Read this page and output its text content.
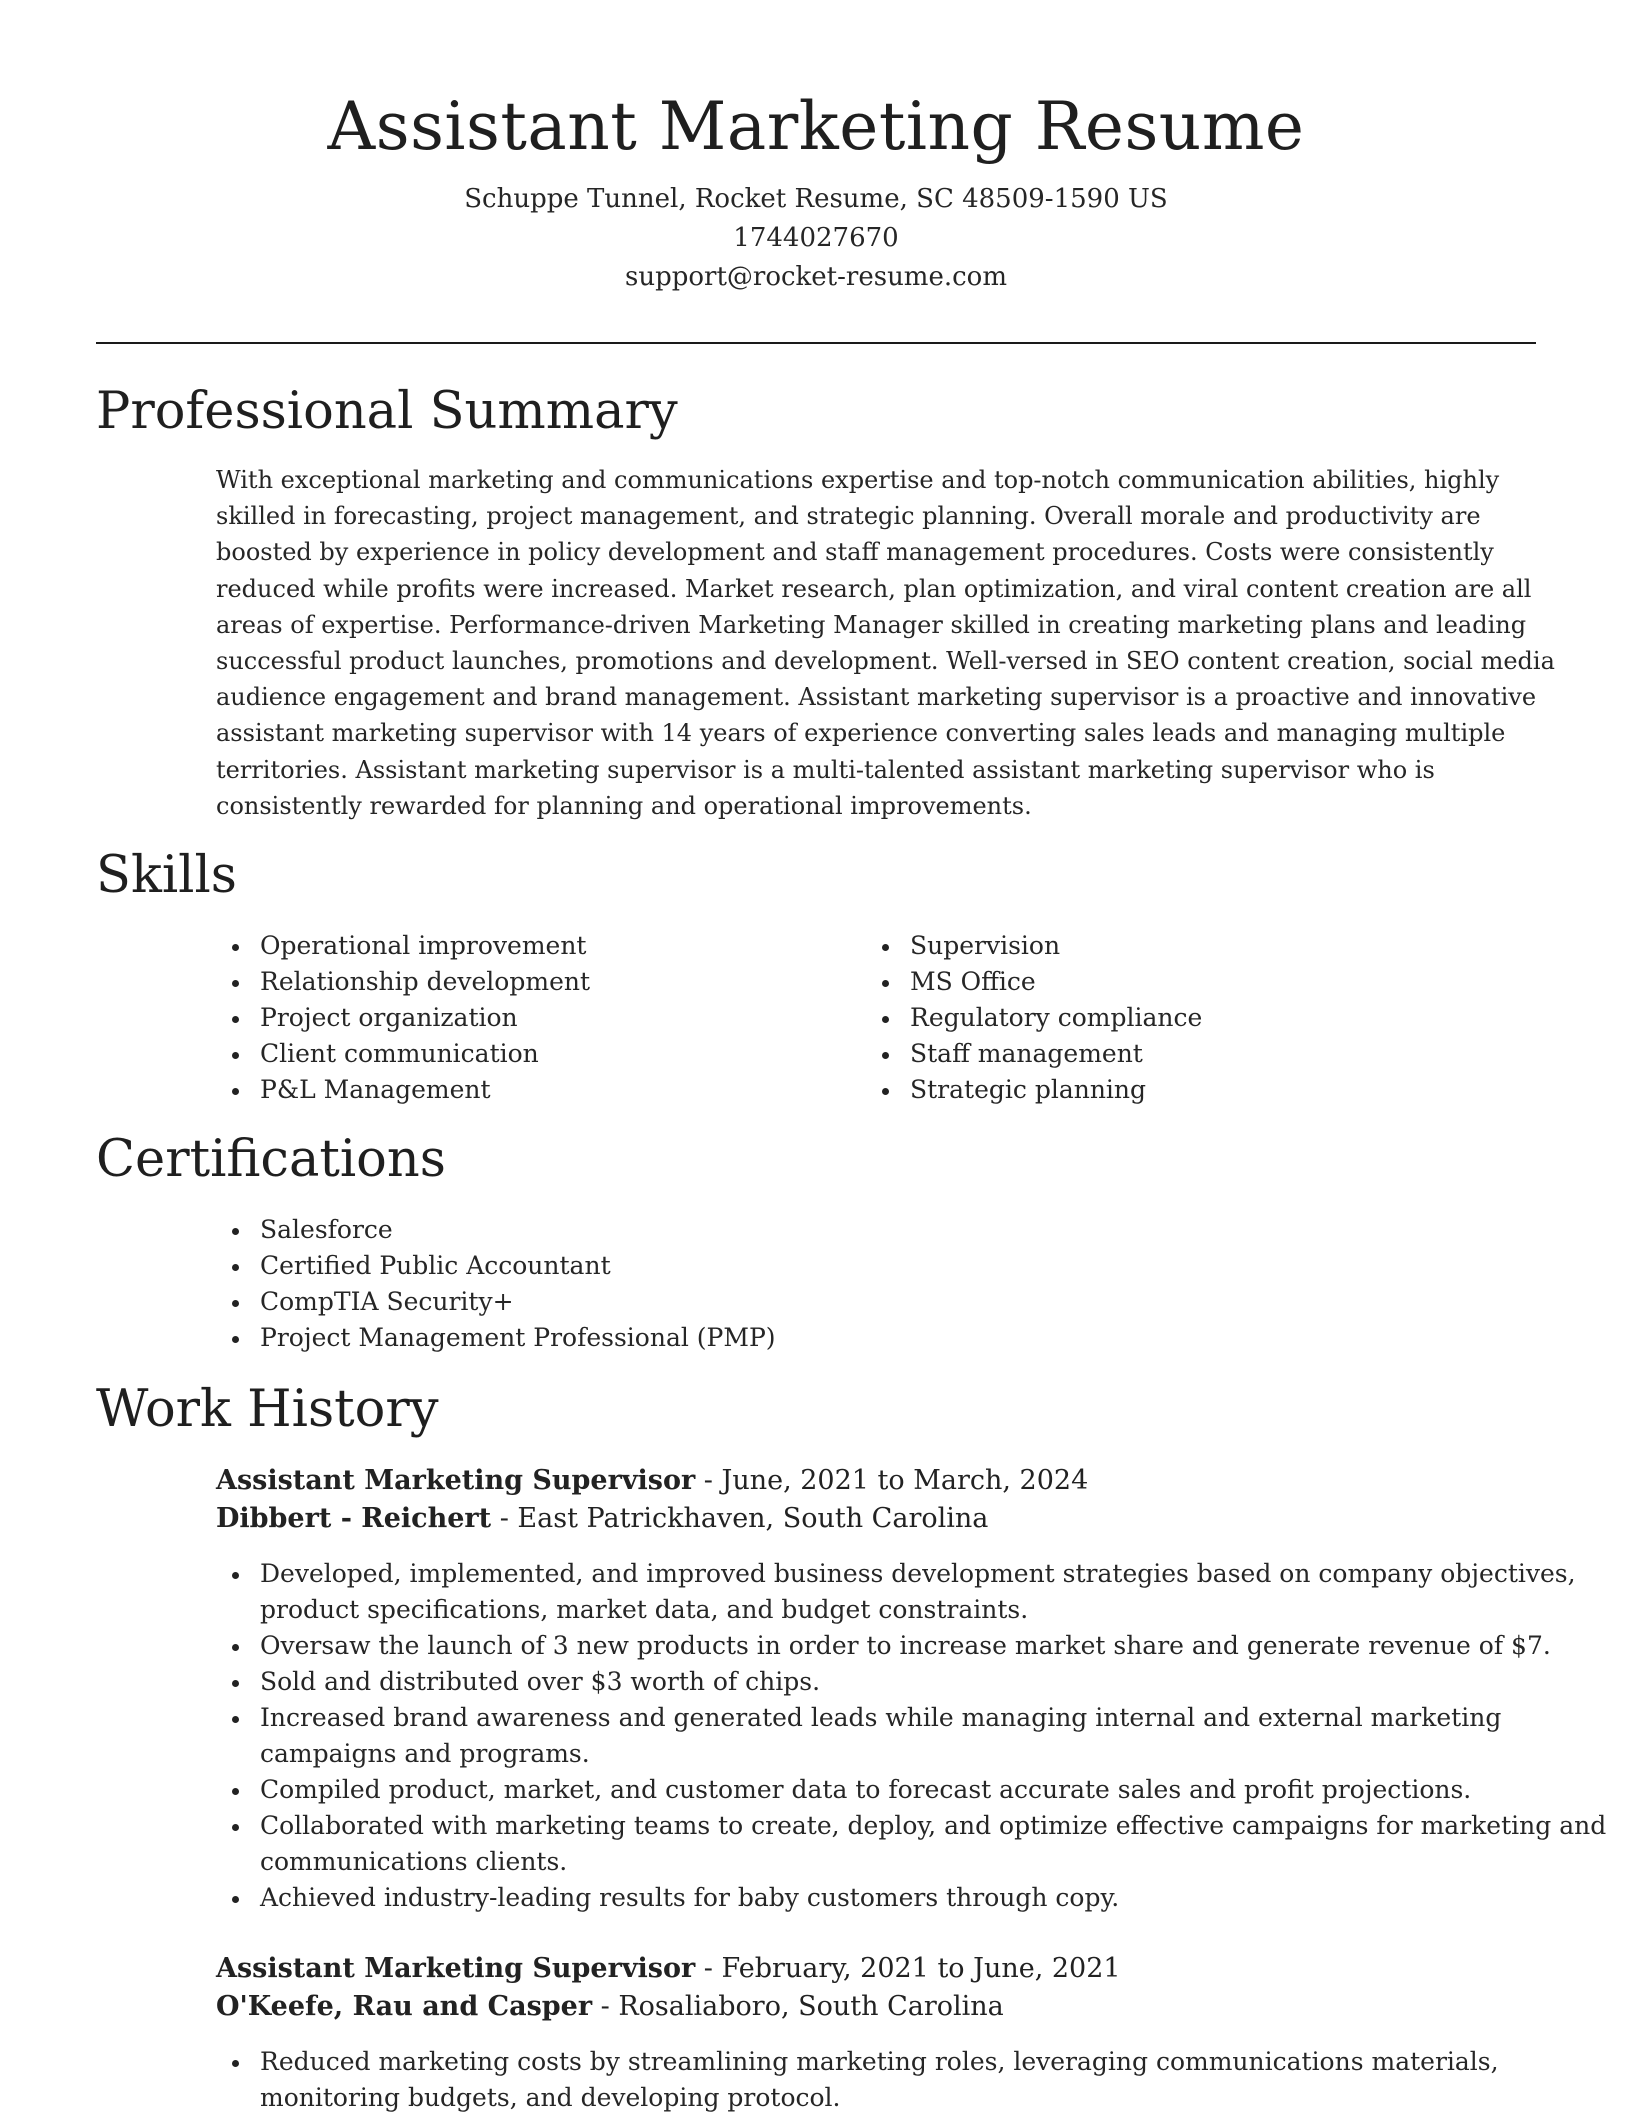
Assistant Marketing Resume
Schuppe Tunnel, Rocket Resume, SC 48509-1590 US
1744027670
support@rocket-resume.com
Professional Summary
With exceptional marketing and communications expertise and top-notch communication abilities, highly
skilled in forecasting, project management, and strategic planning. Overall morale and productivity are
boosted by experience in policy development and staff management procedures. Costs were consistently
reduced while profits were increased. Market research, plan optimization, and viral content creation are all
areas of expertise. Performance-driven Marketing Manager skilled in creating marketing plans and leading
successful product launches, promotions and development. Well-versed in SEO content creation, social media
audience engagement and brand management. Assistant marketing supervisor is a proactive and innovative
assistant marketing supervisor with 14 years of experience converting sales leads and managing multiple
territories. Assistant marketing supervisor is a multi-talented assistant marketing supervisor who is
consistently rewarded for planning and operational improvements.
Skills
Operational improvement
Relationship development
Project organization
Client communication
P&L Management
Supervision
MS Office
Regulatory compliance
Staff management
Strategic planning
Certifications
Salesforce
Certified Public Accountant
CompTIA Security+
Project Management Professional (PMP)
Work History
Assistant Marketing Supervisor - June, 2021 to March, 2024
Dibbert - Reichert - East Patrickhaven, South Carolina
Developed, implemented, and improved business development strategies based on company objectives,
product specifications, market data, and budget constraints.
Oversaw the launch of 3 new products in order to increase market share and generate revenue of $7.
Sold and distributed over $3 worth of chips.
Increased brand awareness and generated leads while managing internal and external marketing
campaigns and programs.
Compiled product, market, and customer data to forecast accurate sales and profit projections.
Collaborated with marketing teams to create, deploy, and optimize effective campaigns for marketing and
communications clients.
Achieved industry-leading results for baby customers through copy.
Assistant Marketing Supervisor - February, 2021 to June, 2021
O'Keefe, Rau and Casper - Rosaliaboro, South Carolina
Reduced marketing costs by streamlining marketing roles, leveraging communications materials,
monitoring budgets, and developing protocol.
